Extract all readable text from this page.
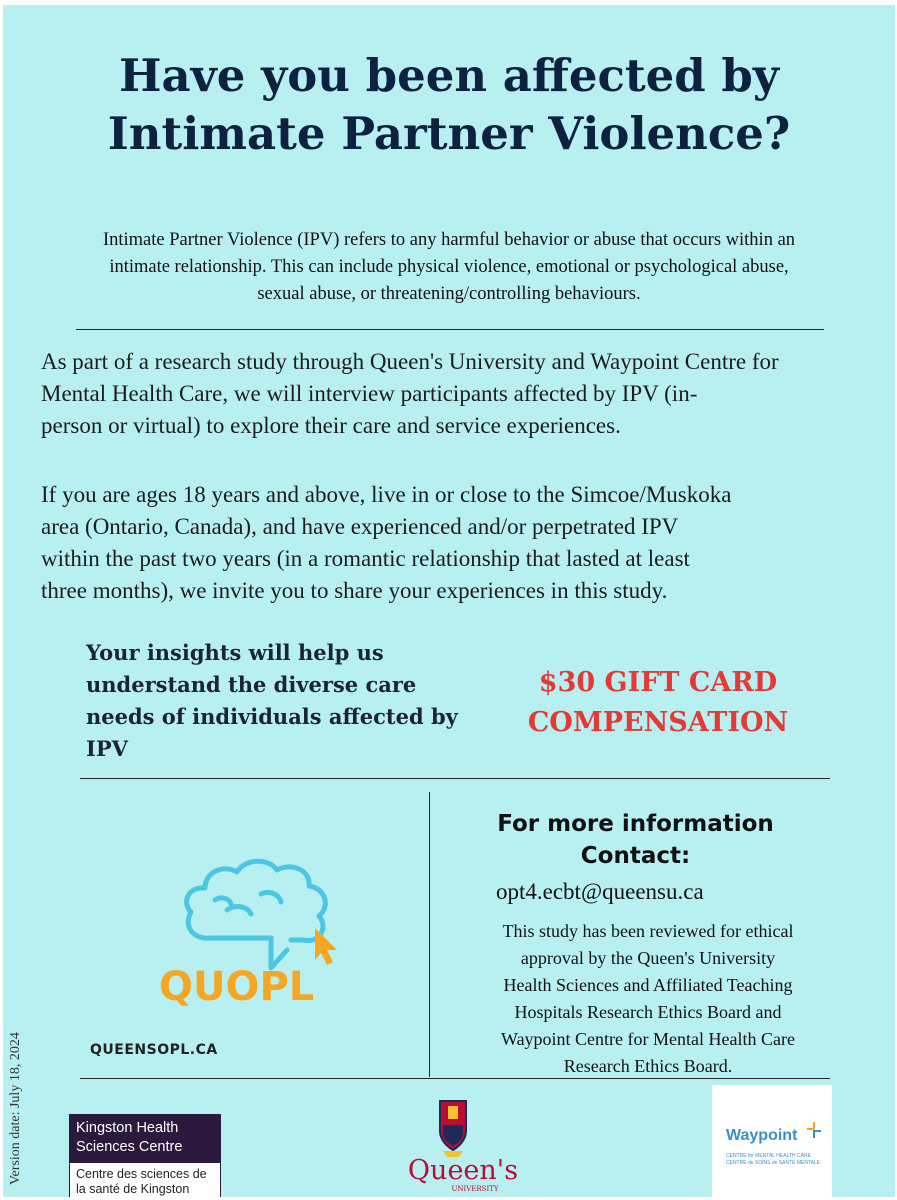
Have you been affected by
Intimate Partner Violence?
Intimate Partner Violence (IPV) refers to any harmful behavior or abuse that occurs within an
intimate relationship. This can include physical violence, emotional or psychological abuse,
sexual abuse, or threatening/controlling behaviours.
As part of a research study through Queen's University and Waypoint Centre for
Mental Health Care, we will interview participants affected by IPV (in-
person or virtual) to explore their care and service experiences.
If you are ages 18 years and above, live in or close to the Simcoe/Muskoka
area (Ontario, Canada), and have experienced and/or perpetrated IPV
within the past two years (in a romantic relationship that lasted at least
three months), we invite you to share your experiences in this study.
Your insights will help us
understand the diverse care
needs of individuals affected by
IPV
$30 GIFT CARD
COMPENSATION
For more information
Contact:
opt4.ecbt@queensu.ca
This study has been reviewed for ethical
approval by the Queen's University
Health Sciences and Affiliated Teaching
Hospitals Research Ethics Board and
Waypoint Centre for Mental Health Care
Research Ethics Board.
QUOPL
QUEENSOPL.CA
Version date: July 18, 2024	Kingston Health
Sciences Centre
Centre des sciences de
la santé de Kingston
Queen's
UNIVERSITY
Waypoint
CENTRE for MENTAL HEALTH CARE
CENTRE de SOINS de SANTÉ MENTALE
